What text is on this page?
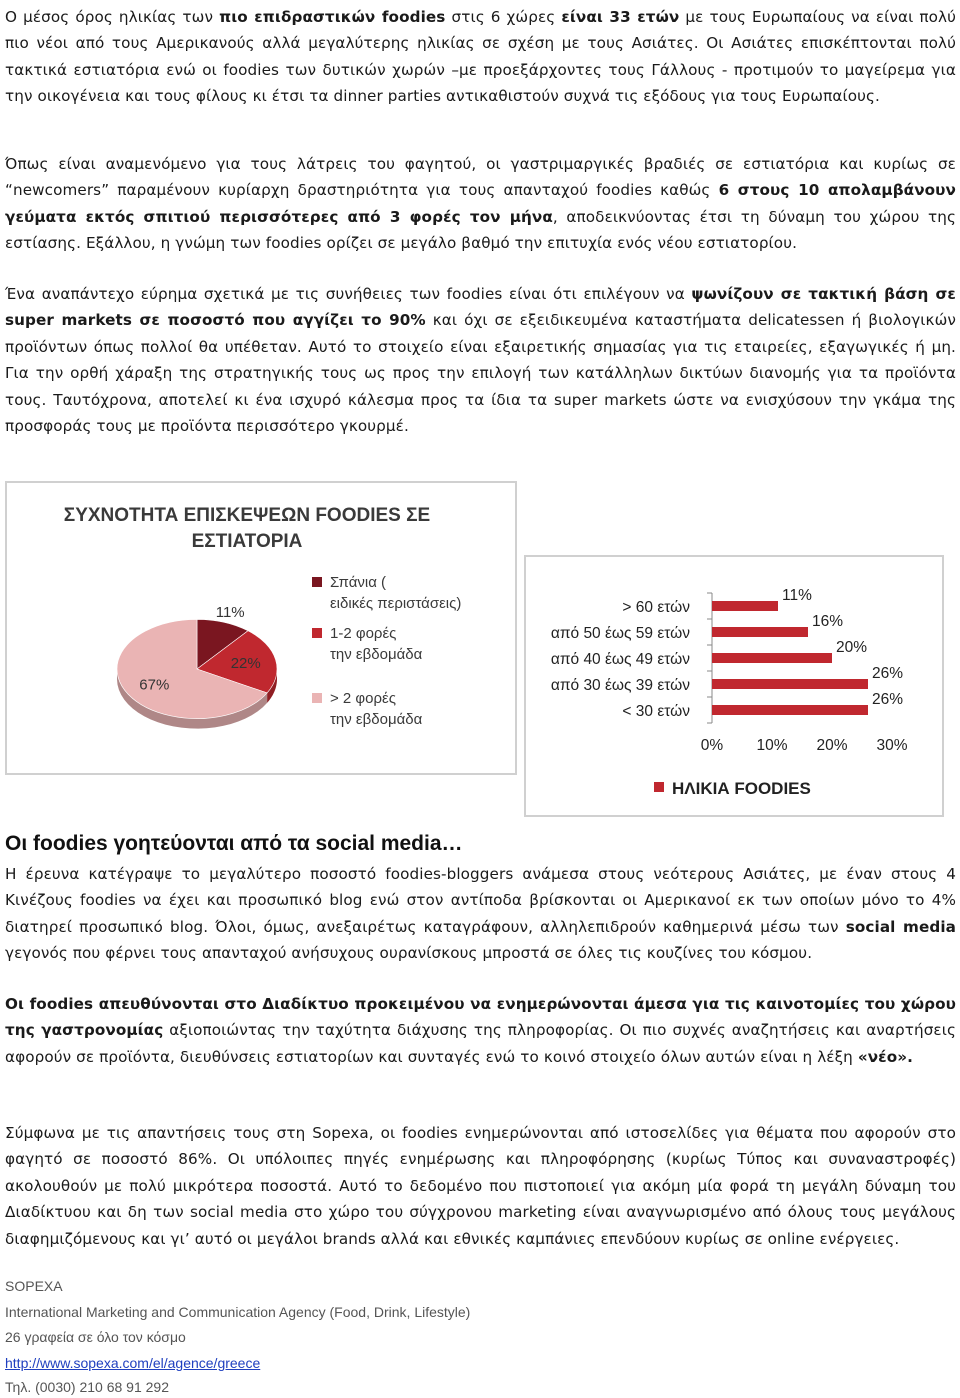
Ο μέσος όρος ηλικίας των πιο επιδραστικών foodies στις 6 χώρες είναι 33 ετών με τους Ευρωπαίους να είναι πολύ πιο νέοι από τους Αμερικανούς αλλά μεγαλύτερης ηλικίας σε σχέση με τους Ασιάτες. Οι Ασιάτες επισκέπτονται πολύ τακτικά εστιατόρια ενώ οι foodies των δυτικών χωρών –με προεξάρχοντες τους Γάλλους - προτιμούν το μαγείρεμα για την οικογένεια και τους φίλους κι έτσι τα dinner parties αντικαθιστούν συχνά τις εξόδους για τους Ευρωπαίους.
Όπως είναι αναμενόμενο για τους λάτρεις του φαγητού, οι γαστριμαργικές βραδιές σε εστιατόρια και κυρίως σε “newcomers” παραμένουν κυρίαρχη δραστηριότητα για τους απανταχού foodies καθώς 6 στους 10 απολαμβάνουν γεύματα εκτός σπιτιού περισσότερες από 3 φορές τον μήνα, αποδεικνύοντας έτσι τη δύναμη του χώρου της εστίασης. Εξάλλου, η γνώμη των foodies ορίζει σε μεγάλο βαθμό την επιτυχία ενός νέου εστιατορίου.
Ένα αναπάντεχο εύρημα σχετικά με τις συνήθειες των foodies είναι ότι επιλέγουν να ψωνίζουν σε τακτική βάση σε super markets σε ποσοστό που αγγίζει το 90% και όχι σε εξειδικευμένα καταστήματα delicatessen ή βιολογικών προϊόντων όπως πολλοί θα υπέθεταν. Αυτό το στοιχείο είναι εξαιρετικής σημασίας για τις εταιρείες, εξαγωγικές ή μη. Για την ορθή χάραξη της στρατηγικής τους ως προς την επιλογή των κατάλληλων δικτύων διανομής για τα προϊόντα τους. Ταυτόχρονα, αποτελεί κι ένα ισχυρό κάλεσμα προς τα ίδια τα super markets ώστε να ενισχύσουν την γκάμα της προσφοράς τους με προϊόντα περισσότερο γκουρμέ.
ΣΥΧΝΟΤΗΤΑ ΕΠΙΣΚΕΨΕΩΝ FOODIES ΣΕ ΕΣΤΙΑΤΟΡΙΑ
11%
22%
67%
Σπάνια ( ειδικές περιστάσεις)
1-2 φορές την εβδομάδα
> 2 φορές την εβδομάδα
> 60 ετών
11%
από 50 έως 59 ετών
16%
από 40 έως 49 ετών
20%
από 30 έως 39 ετών
26%
< 30 ετών
26%
0% 10% 20% 30%
ΗΛΙΚΙΑ FOODIES
Οι foodies γοητεύονται από τα social media…
Η έρευνα κατέγραψε το μεγαλύτερο ποσοστό foodies-bloggers ανάμεσα στους νεότερους Ασιάτες, με έναν στους 4 Κινέζους foodies να έχει και προσωπικό blog ενώ στον αντίποδα βρίσκονται οι Αμερικανοί εκ των οποίων μόνο το 4% διατηρεί προσωπικό blog. Όλοι, όμως, ανεξαιρέτως καταγράφουν, αλληλεπιδρούν καθημερινά μέσω των social media γεγονός που φέρνει τους απανταχού ανήσυχους ουρανίσκους μπροστά σε όλες τις κουζίνες του κόσμου.
Οι foodies απευθύνονται στο Διαδίκτυο προκειμένου να ενημερώνονται άμεσα για τις καινοτομίες του χώρου της γαστρονομίας αξιοποιώντας την ταχύτητα διάχυσης της πληροφορίας. Οι πιο συχνές αναζητήσεις και αναρτήσεις αφορούν σε προϊόντα, διευθύνσεις εστιατορίων και συνταγές ενώ το κοινό στοιχείο όλων αυτών είναι η λέξη «νέο».
Σύμφωνα με τις απαντήσεις τους στη Sopexa, οι foodies ενημερώνονται από ιστοσελίδες για θέματα που αφορούν στο φαγητό σε ποσοστό 86%. Οι υπόλοιπες πηγές ενημέρωσης και πληροφόρησης (κυρίως Τύπος και συναναστροφές) ακολουθούν με πολύ μικρότερα ποσοστά. Αυτό το δεδομένο που πιστοποιεί για ακόμη μία φορά τη μεγάλη δύναμη του Διαδίκτυου και δη των social media στο χώρο του σύγχρονου marketing είναι αναγνωρισμένο από όλους τους μεγάλους διαφημιζόμενους και γι’ αυτό οι μεγάλοι brands αλλά και εθνικές καμπάνιες επενδύουν κυρίως σε online ενέργειες.
SOPEXA
International Marketing and Communication Agency (Food, Drink, Lifestyle)
26 γραφεία σε όλο τον κόσμο
http://www.sopexa.com/el/agence/greece
Τηλ. (0030) 210 68 91 292
